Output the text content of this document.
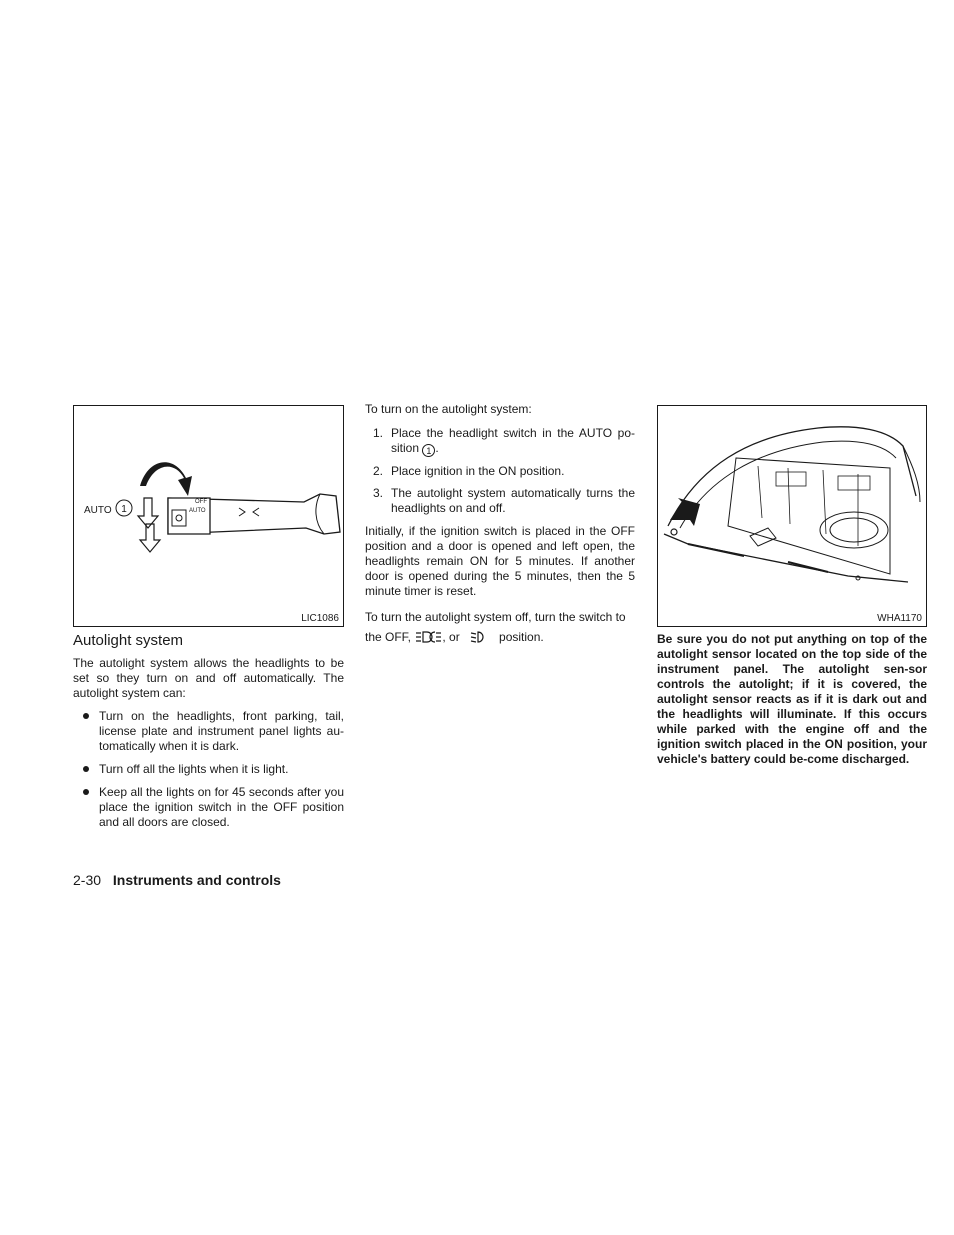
1
AUTO
OFF
AUTO
LIC1086
Autolight system

The autolight system allows the headlights to be set so they turn on and off automatically. The autolight system can:

Turn on the headlights, front parking, tail, license plate and instrument panel lights au-tomatically when it is dark.
Turn off all the lights when it is light.
Keep all the lights on for 45 seconds after you place the ignition switch in the OFF position and all doors are closed.

To turn on the autolight system:

1. Place the headlight switch in the AUTO po-sition 1 .
2. Place ignition in the ON position.
3. The autolight system automatically turns the headlights on and off.

Initially, if the ignition switch is placed in the OFF position and a door is opened and left open, the headlights remain ON for 5 minutes. If another door is opened during the 5 minutes, then the 5 minute timer is reset.

To turn the autolight system off, turn the switch to
the OFF,	, or	position.

WHA1170
Be sure you do not put anything on top of the autolight sensor located on the top side of the instrument panel. The autolight sen-sor controls the autolight; if it is covered, the autolight sensor reacts as if it is dark out and the headlights will illuminate. If this occurs while parked with the engine off and the ignition switch placed in the ON position, your vehicle's battery could be-come discharged.
2-30 Instruments and controls
